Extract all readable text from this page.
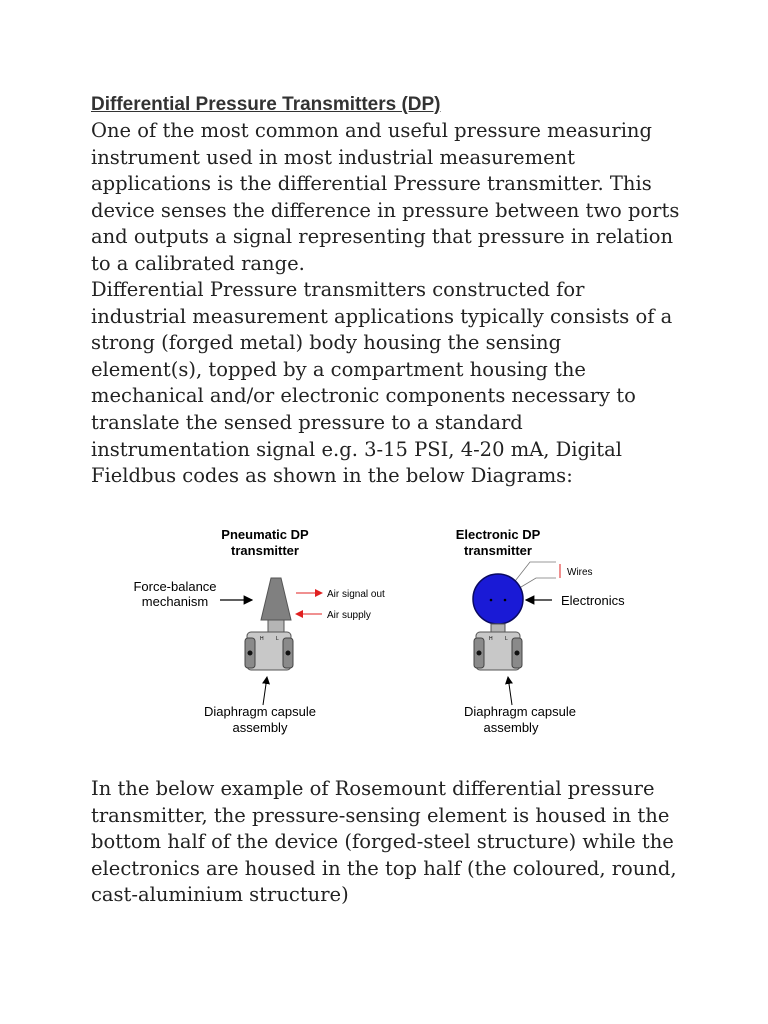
Differential Pressure Transmitters (DP)
One of the most common and useful pressure measuring
instrument used in most industrial measurement
applications is the differential Pressure transmitter. This
device senses the difference in pressure between two ports
and outputs a signal representing that pressure in relation
to a calibrated range.
Differential Pressure transmitters constructed for
industrial measurement applications typically consists of a
strong (forged metal) body housing the sensing
element(s), topped by a compartment housing the
mechanical and/or electronic components necessary to
translate the sensed pressure to a standard
instrumentation signal e.g. 3-15 PSI, 4-20 mA, Digital
Fieldbus codes as shown in the below Diagrams:
Pneumatic DP
transmitter
Force-balance
mechanism	Air signal out
Air supply
H L
Diaphragm capsule
assembly
Electronic DP
transmitter
Wires
Electronics
H L
Diaphragm capsule
assembly
In the below example of Rosemount differential pressure
transmitter, the pressure-sensing element is housed in the
bottom half of the device (forged-steel structure) while the
electronics are housed in the top half (the coloured, round,
cast-aluminium structure)
